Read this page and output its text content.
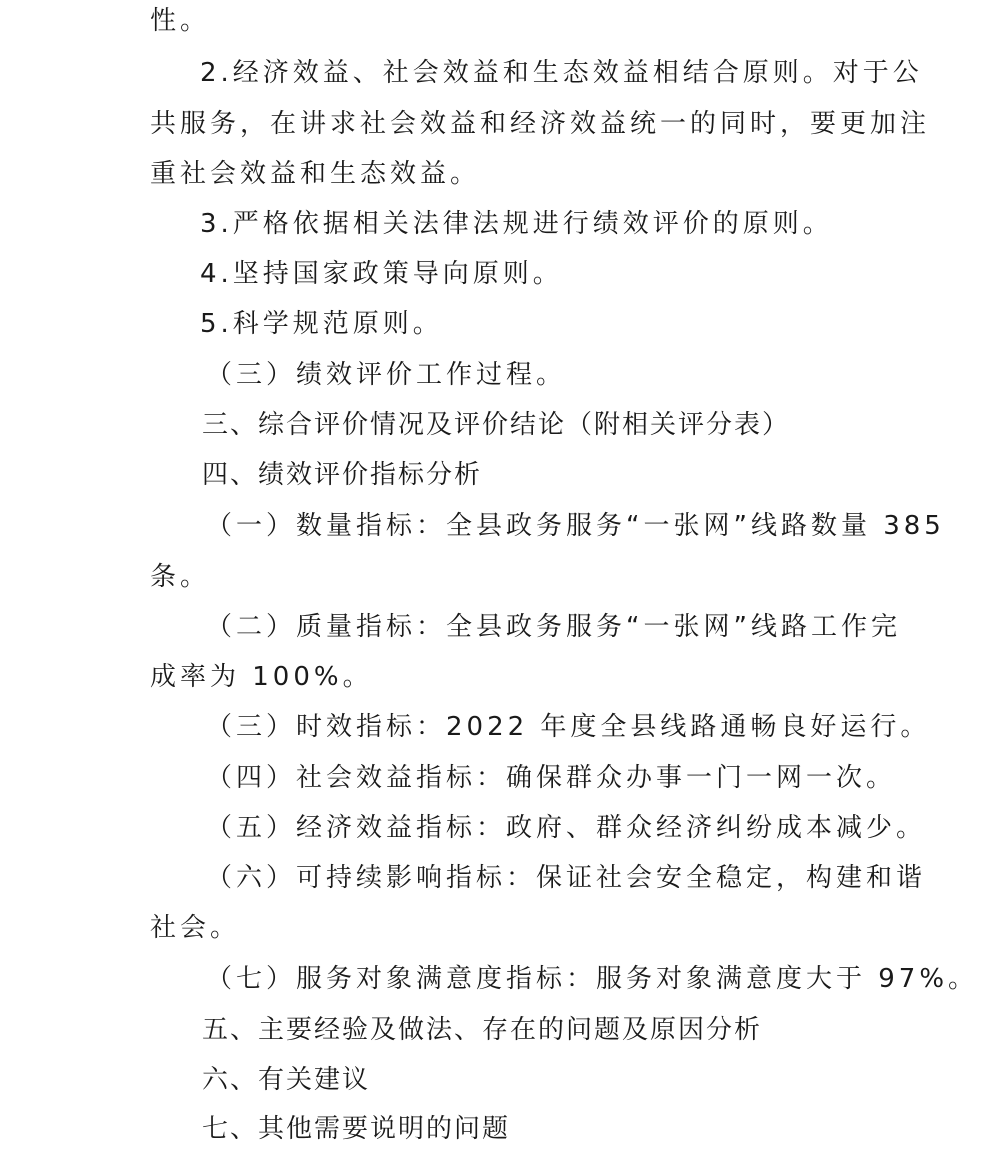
性。
2.经济效益、社会效益和生态效益相结合原则。对于公
共服务，在讲求社会效益和经济效益统一的同时，要更加注
重社会效益和生态效益。
3.严格依据相关法律法规进行绩效评价的原则。
4.坚持国家政策导向原则。
5.科学规范原则。
（三）绩效评价工作过程。
三、综合评价情况及评价结论（附相关评分表）
四、绩效评价指标分析
（一）数量指标：全县政务服务“一张网”线路数量 385
条。
（二）质量指标：全县政务服务“一张网”线路工作完
成率为 100%。
（三）时效指标：2022 年度全县线路通畅良好运行。
（四）社会效益指标：确保群众办事一门一网一次。
（五）经济效益指标：政府、群众经济纠纷成本减少。
（六）可持续影响指标：保证社会安全稳定，构建和谐
社会。
（七）服务对象满意度指标：服务对象满意度大于 97%。
五、主要经验及做法、存在的问题及原因分析
六、有关建议
七、其他需要说明的问题
